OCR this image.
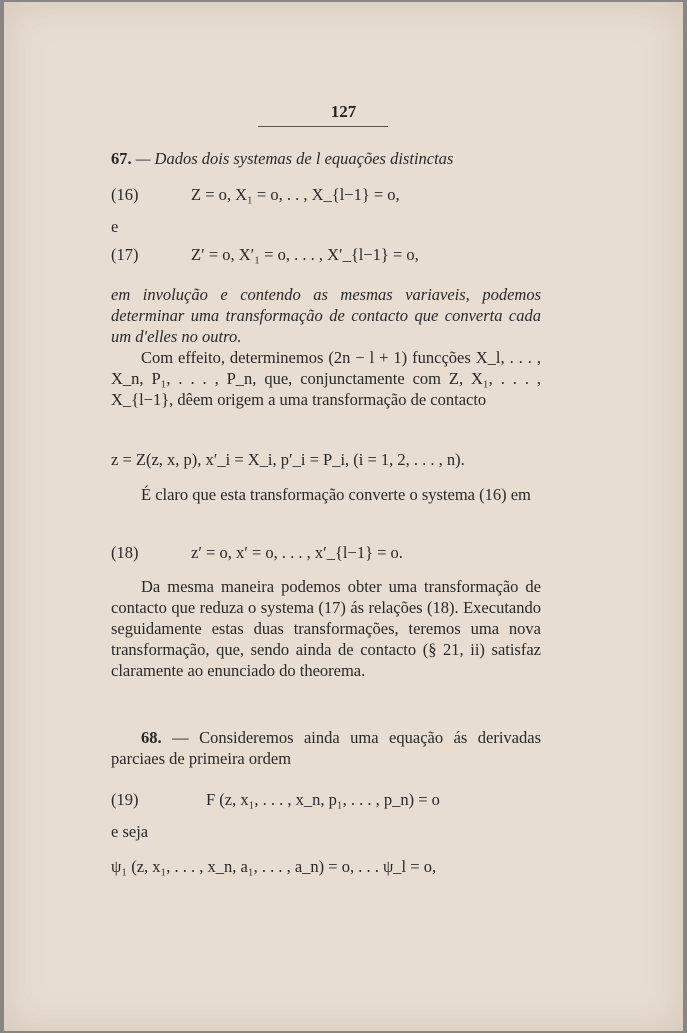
127
67. — Dados dois systemas de l equações distinctas
(16)	Z = o, X₁ = o, . . , X_{l−1} = o,
e
(17)	Z′ = o, X′₁ = o, . . . , X′_{l−1} = o,
em involução e contendo as mesmas variaveis, podemos determinar uma transformação de contacto que converta cada um d'elles no outro.
Com effeito, determinemos (2n − l + 1) funcções X_l, . . . , X_n, P₁, . . . , P_n, que, conjunctamente com Z, X₁, . . . , X_{l−1}, dêem origem a uma transformação de contacto
z = Z(z, x, p), x′_i = X_i, p′_i = P_i, (i = 1, 2, . . . , n).
É claro que esta transformação converte o systema (16) em
(18)	z′ = o, x′ = o, . . . , x′_{l−1} = o.
Da mesma maneira podemos obter uma transformação de contacto que reduza o systema (17) ás relações (18). Executando seguidamente estas duas transformações, teremos uma nova transformação, que, sendo ainda de contacto (§ 21, ii) satisfaz claramente ao enunciado do theorema.
68. — Consideremos ainda uma equação ás derivadas parciaes de primeira ordem
(19)	F (z, x₁, . . . , x_n, p₁, . . . , p_n) = o
e seja
ψ₁ (z, x₁, . . . , x_n, a₁, . . . , a_n) = o, . . . ψ_l = o,
